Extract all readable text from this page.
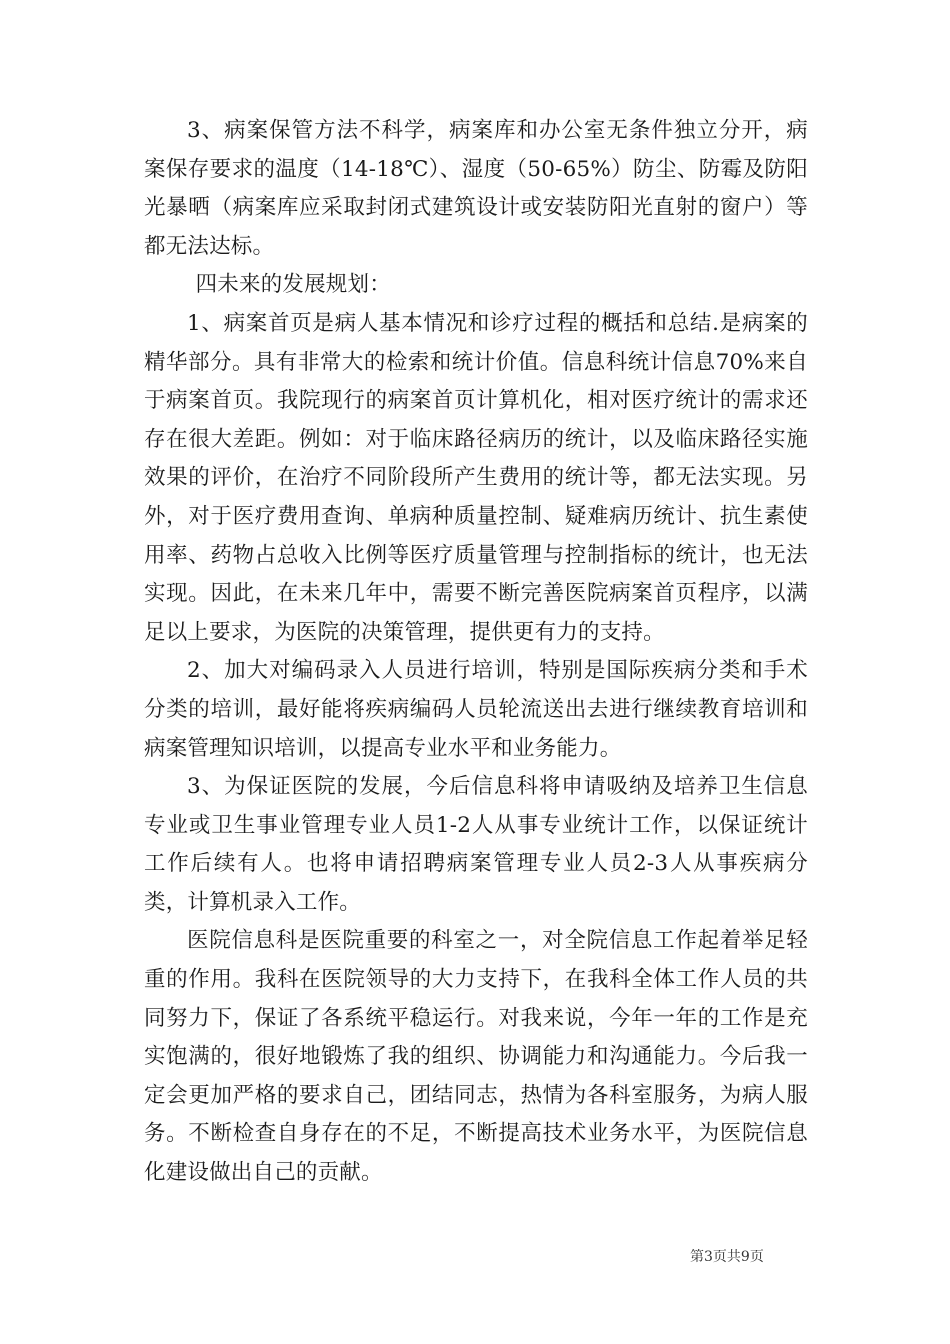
3、病案保管方法不科学，病案库和办公室无条件独立分开，病案保存要求的温度（14-18℃）、湿度（50-65%）防尘、防霉及防阳光暴晒（病案库应采取封闭式建筑设计或安装防阳光直射的窗户）等都无法达标。

四未来的发展规划：

1、病案首页是病人基本情况和诊疗过程的概括和总结.是病案的精华部分。具有非常大的检索和统计价值。信息科统计信息70%来自于病案首页。我院现行的病案首页计算机化，相对医疗统计的需求还存在很大差距。例如：对于临床路径病历的统计，以及临床路径实施效果的评价，在治疗不同阶段所产生费用的统计等，都无法实现。另外，对于医疗费用查询、单病种质量控制、疑难病历统计、抗生素使用率、药物占总收入比例等医疗质量管理与控制指标的统计，也无法实现。因此，在未来几年中，需要不断完善医院病案首页程序，以满足以上要求，为医院的决策管理，提供更有力的支持。

2、加大对编码录入人员进行培训，特别是国际疾病分类和手术分类的培训，最好能将疾病编码人员轮流送出去进行继续教育培训和病案管理知识培训，以提高专业水平和业务能力。

3、为保证医院的发展，今后信息科将申请吸纳及培养卫生信息专业或卫生事业管理专业人员1-2人从事专业统计工作，以保证统计工作后续有人。也将申请招聘病案管理专业人员2-3人从事疾病分类，计算机录入工作。

医院信息科是医院重要的科室之一，对全院信息工作起着举足轻重的作用。我科在医院领导的大力支持下，在我科全体工作人员的共同努力下，保证了各系统平稳运行。对我来说，今年一年的工作是充实饱满的，很好地锻炼了我的组织、协调能力和沟通能力。今后我一定会更加严格的要求自己，团结同志，热情为各科室服务，为病人服务。不断检查自身存在的不足，不断提高技术业务水平，为医院信息化建设做出自己的贡献。

第3页共9页
